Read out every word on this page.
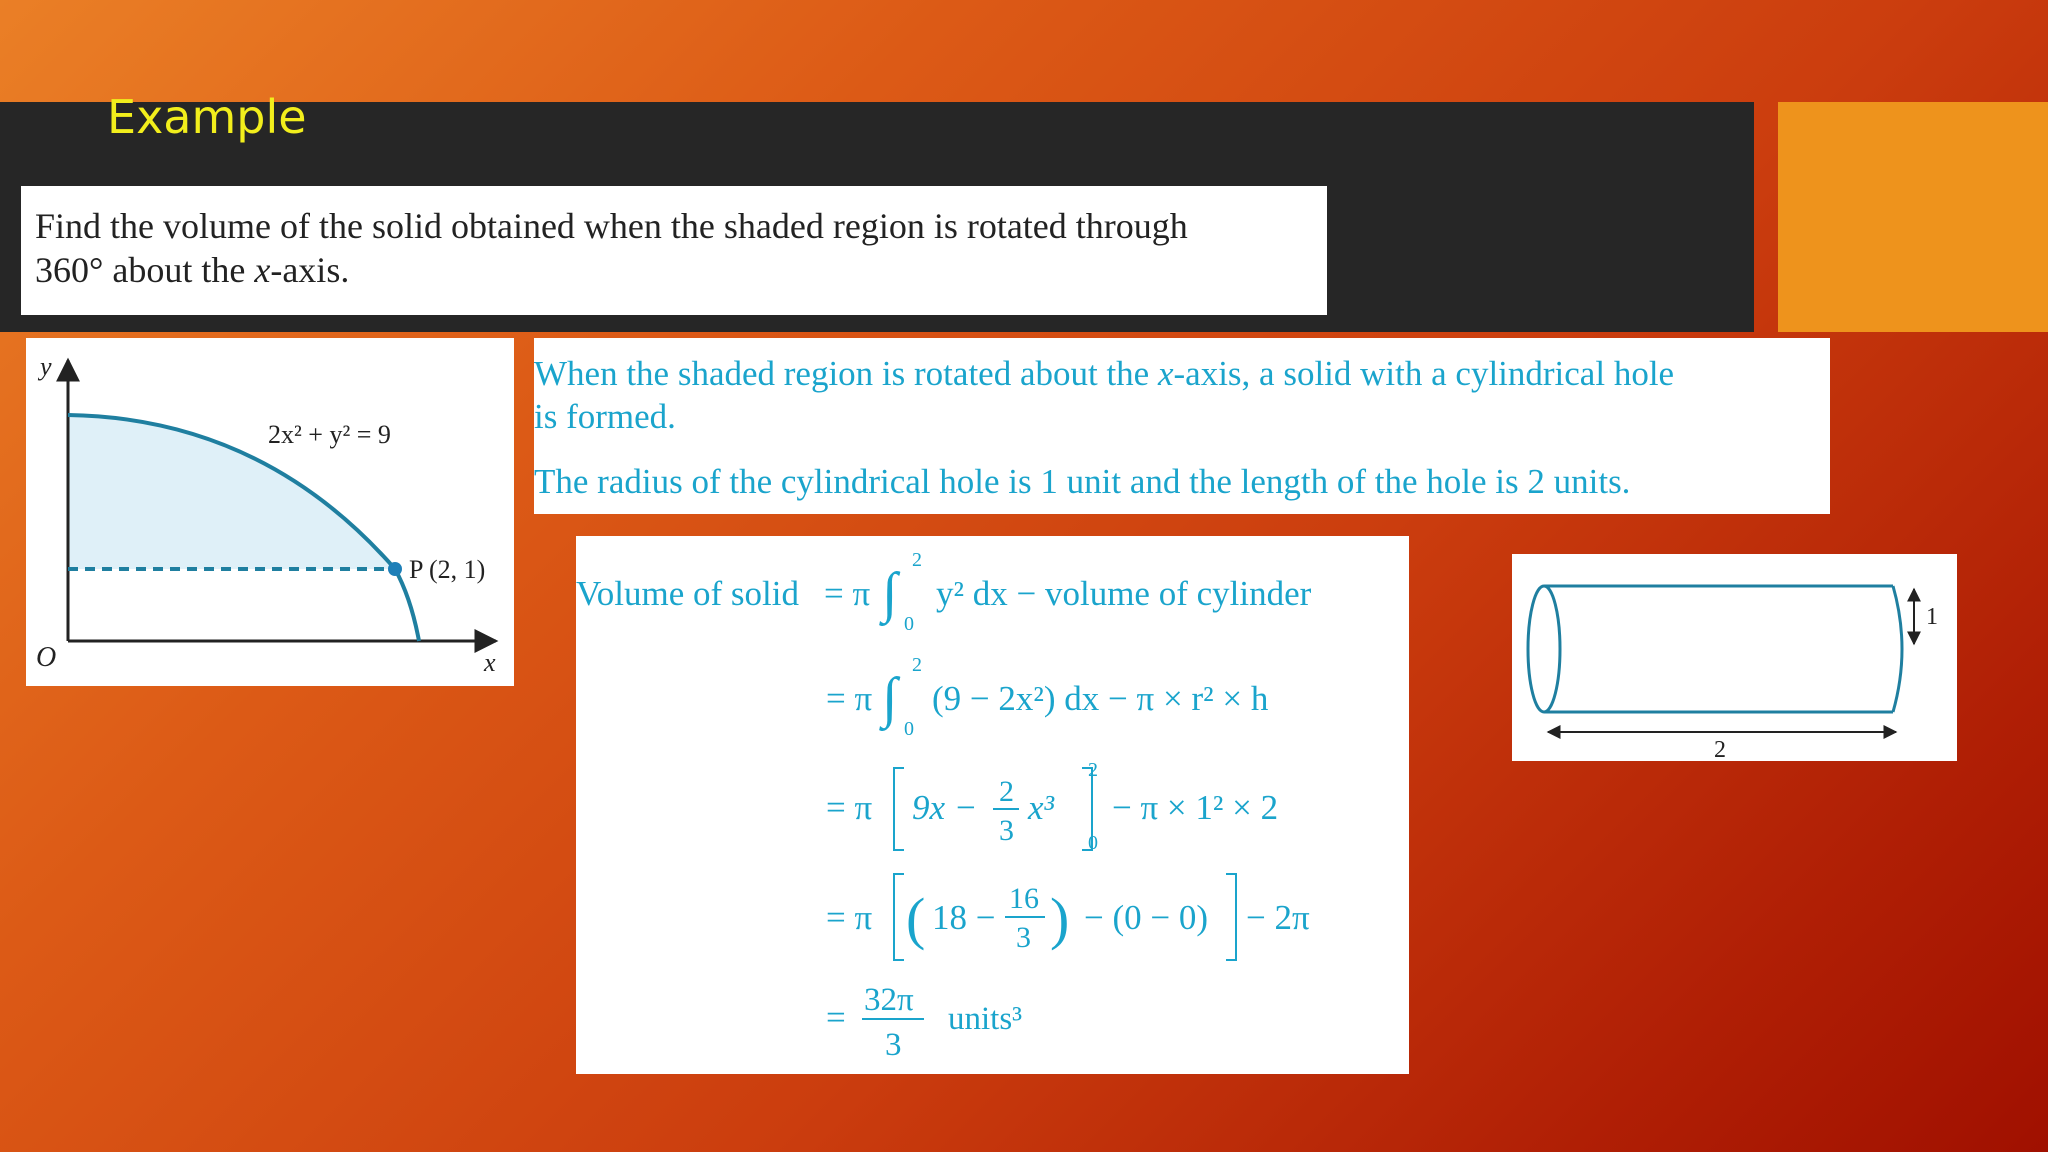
Example

Find the volume of the solid obtained when the shaded region is rotated through

360° about the x-axis.

y
x
O
P (2, 1)
2x² + y² = 9

When the shaded region is rotated about the x-axis, a solid with a cylindrical hole
is formed.

The radius of the cylindrical hole is 1 unit and the length of the hole is 2 units.

Volume of solid = π ∫
2
0
y² dx − volume of cylinder
= π ∫
2
0
(9 − 2x²) dx − π × r² × h
= π 9x − 2
3
x³
2
0
− π × 1² × 2
= π ( 18 − 16
3 ) − (0 − 0) − 2π
= 32π
3
units³
1
2
